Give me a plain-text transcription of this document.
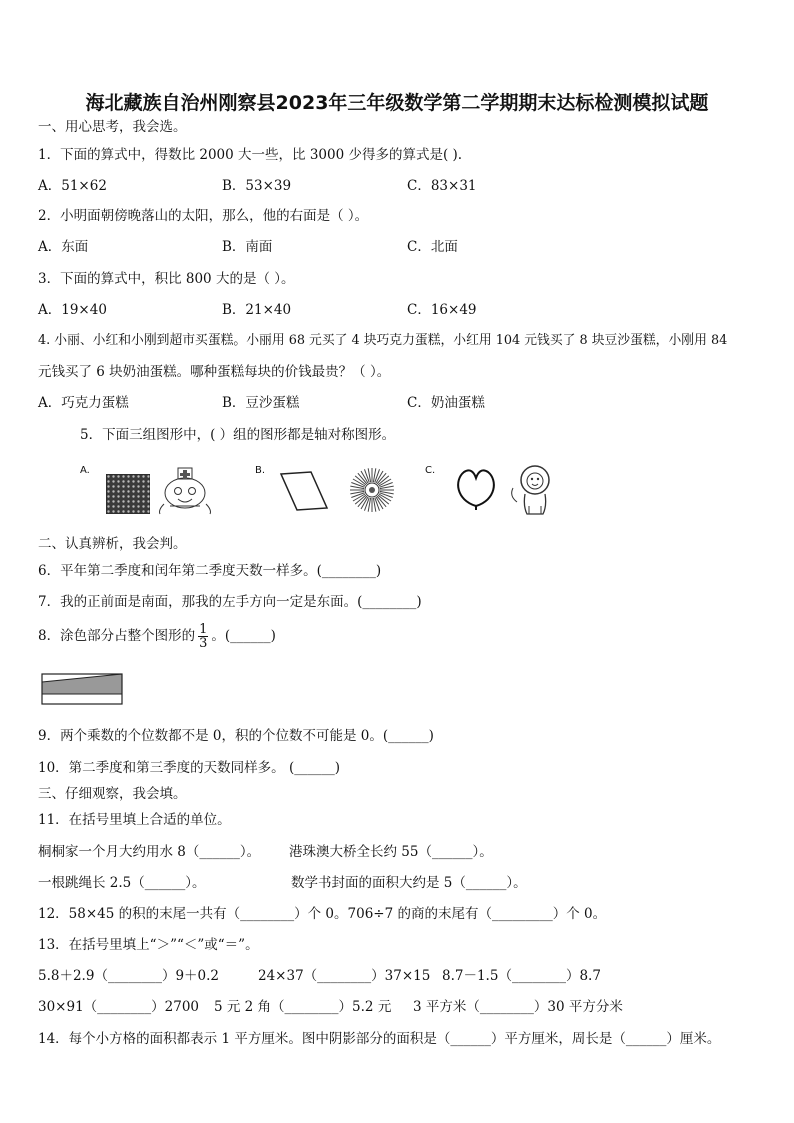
海北藏族自治州刚察县2023年三年级数学第二学期期末达标检测模拟试题
一、用心思考，我会选。
1．下面的算式中，得数比 2000 大一些，比 3000 少得多的算式是( ).
A．51×62	B．53×39	C．83×31
2．小明面朝傍晚落山的太阳，那么，他的右面是（ ）。
A．东面	B．南面	C．北面
3．下面的算式中，积比 800 大的是（ ）。
A．19×40	B．21×40	C．16×49
4. 小丽、小红和小刚到超市买蛋糕。小丽用 68 元买了 4 块巧克力蛋糕，小红用 104 元钱买了 8 块豆沙蛋糕，小刚用 84
元钱买了 6 块奶油蛋糕。哪种蛋糕每块的价钱最贵？（ ）。
A．巧克力蛋糕	B．豆沙蛋糕	C．奶油蛋糕
5．下面三组图形中，( ）组的图形都是轴对称图形。
A.	B.	C.
二、认真辨析，我会判。
6．平年第二季度和闰年第二季度天数一样多。(________)
7．我的正前面是南面，那我的左手方向一定是东面。(________)
8．涂色部分占整个图形的 $\frac{1}{3}$ 。(______)
9．两个乘数的个位数都不是 0，积的个位数不可能是 0。(______)
10．第二季度和第三季度的天数同样多。 (______)
三、仔细观察，我会填。
11．在括号里填上合适的单位。
桐桐家一个月大约用水 8（______）。 港珠澳大桥全长约 55（______）。
一根跳绳长 2.5（______）。	数学书封面的面积大约是 5（______）。
12．58×45 的积的末尾一共有（________）个 0。706÷7 的商的末尾有（_________）个 0。
13．在括号里填上“＞”“＜”或“＝”。
5.8＋2.9（________）9＋0.2	24×37（________）37×15 8.7－1.5（________）8.7
30×91（________）2700 5 元 2 角（________）5.2 元 3 平方米（________）30 平方分米
14．每个小方格的面积都表示 1 平方厘米。图中阴影部分的面积是（______）平方厘米，周长是（______）厘米。
